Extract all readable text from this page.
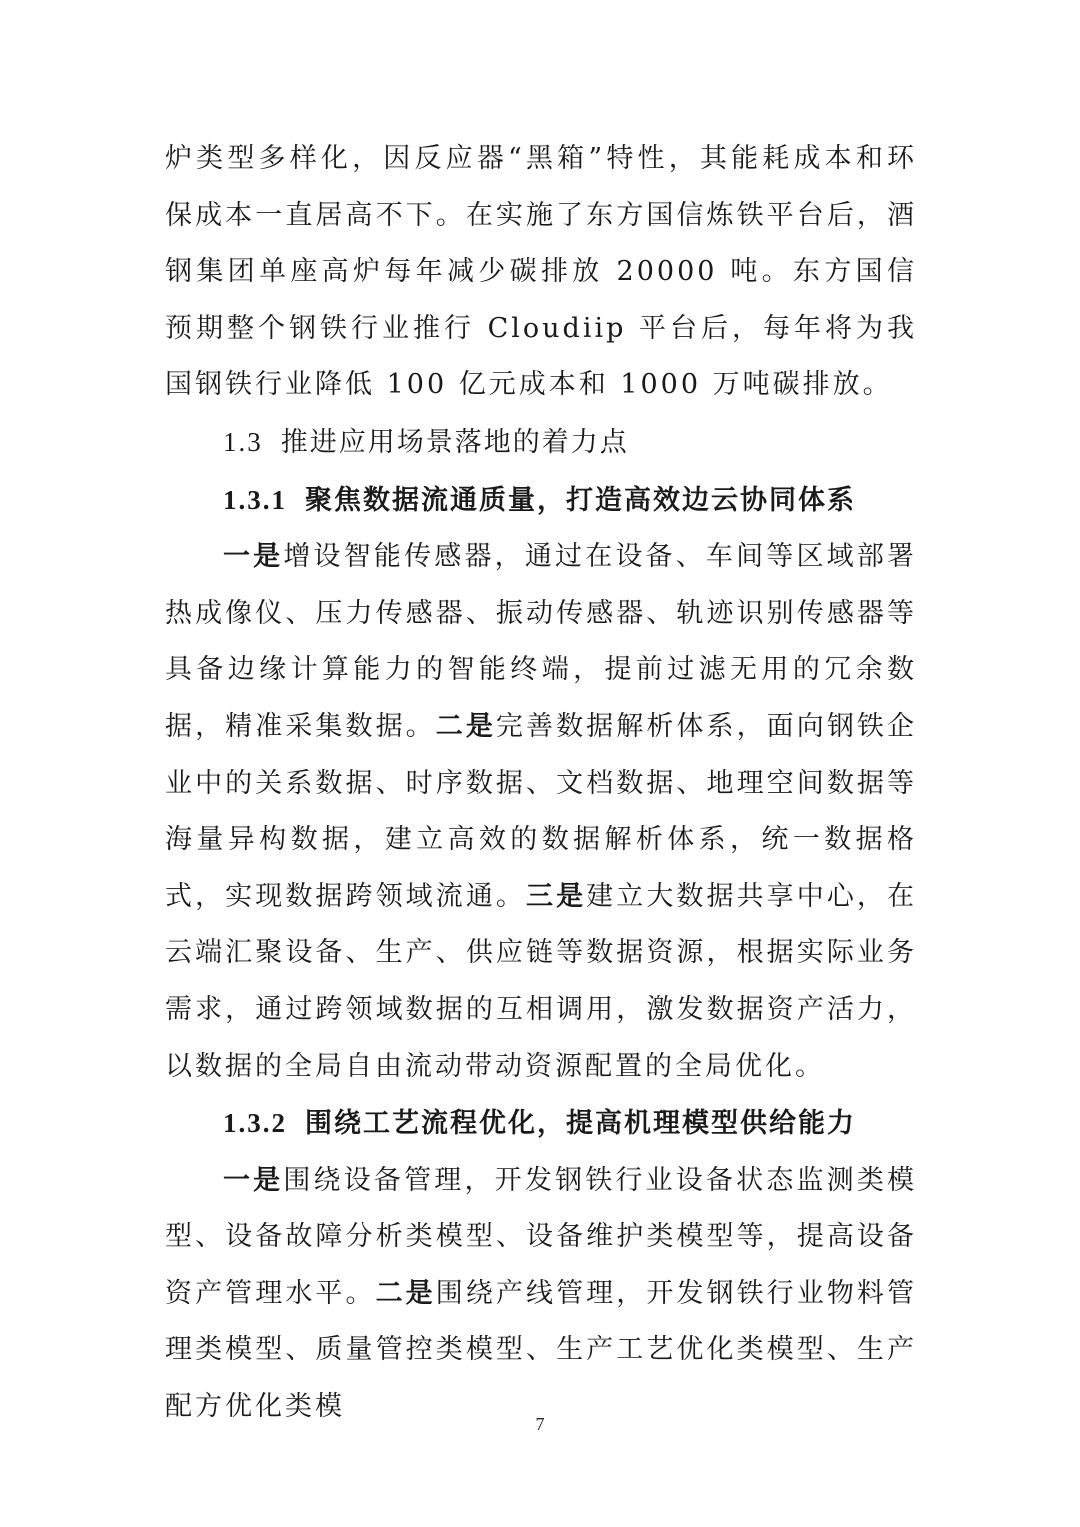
炉类型多样化，因反应器“黑箱”特性，其能耗成本和环保成本一直居高不下。在实施了东方国信炼铁平台后，酒钢集团单座高炉每年减少碳排放 20000 吨。东方国信预期整个钢铁行业推行 Cloudiip 平台后，每年将为我国钢铁行业降低 100 亿元成本和 1000 万吨碳排放。

1.3 推进应用场景落地的着力点
1.3.1 聚焦数据流通质量，打造高效边云协同体系

一是增设智能传感器，通过在设备、车间等区域部署热成像仪、压力传感器、振动传感器、轨迹识别传感器等具备边缘计算能力的智能终端，提前过滤无用的冗余数据，精准采集数据。二是完善数据解析体系，面向钢铁企业中的关系数据、时序数据、文档数据、地理空间数据等海量异构数据，建立高效的数据解析体系，统一数据格式，实现数据跨领域流通。三是建立大数据共享中心，在云端汇聚设备、生产、供应链等数据资源，根据实际业务需求，通过跨领域数据的互相调用，激发数据资产活力，以数据的全局自由流动带动资源配置的全局优化。

1.3.2 围绕工艺流程优化，提高机理模型供给能力

一是围绕设备管理，开发钢铁行业设备状态监测类模型、设备故障分析类模型、设备维护类模型等，提高设备资产管理水平。二是围绕产线管理，开发钢铁行业物料管理类模型、质量管控类模型、生产工艺优化类模型、生产配方优化类模

7
